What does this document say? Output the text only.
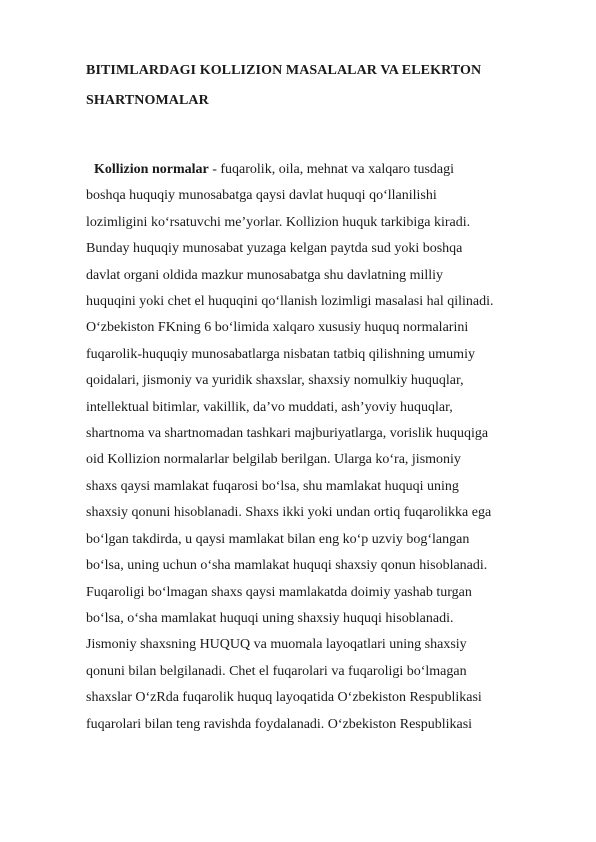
BITIMLARDAGI KOLLIZION MASALALAR VA ELEKRTON
SHARTNOMALAR
Kollizion normalar - fuqarolik, oila, mehnat va xalqaro tusdagi
boshqa huquqiy munosabatga qaysi davlat huquqi qo‘llanilishi
lozimligini ko‘rsatuvchi me’yorlar. Kollizion huquk tarkibiga kiradi.
Bunday huquqiy munosabat yuzaga kelgan paytda sud yoki boshqa
davlat organi oldida mazkur munosabatga shu davlatning milliy
huquqini yoki chet el huquqini qo‘llanish lozimligi masalasi hal qilinadi.
O‘zbekiston FKning 6 bo‘limida xalqaro xususiy huquq normalarini
fuqarolik-huquqiy munosabatlarga nisbatan tatbiq qilishning umumiy
qoidalari, jismoniy va yuridik shaxslar, shaxsiy nomulkiy huquqlar,
intellektual bitimlar, vakillik, da’vo muddati, ash’yoviy huquqlar,
shartnoma va shartnomadan tashkari majburiyatlarga, vorislik huquqiga
oid Kollizion normalarlar belgilab berilgan. Ularga ko‘ra, jismoniy
shaxs qaysi mamlakat fuqarosi bo‘lsa, shu mamlakat huquqi uning
shaxsiy qonuni hisoblanadi. Shaxs ikki yoki undan ortiq fuqarolikka ega
bo‘lgan takdirda, u qaysi mamlakat bilan eng ko‘p uzviy bog‘langan
bo‘lsa, uning uchun o‘sha mamlakat huquqi shaxsiy qonun hisoblanadi.
Fuqaroligi bo‘lmagan shaxs qaysi mamlakatda doimiy yashab turgan
bo‘lsa, o‘sha mamlakat huquqi uning shaxsiy huquqi hisoblanadi.
Jismoniy shaxsning HUQUQ va muomala layoqatlari uning shaxsiy
qonuni bilan belgilanadi. Chet el fuqarolari va fuqaroligi bo‘lmagan
shaxslar O‘zRda fuqarolik huquq layoqatida O‘zbekiston Respublikasi
fuqarolari bilan teng ravishda foydalanadi. O‘zbekiston Respublikasi
